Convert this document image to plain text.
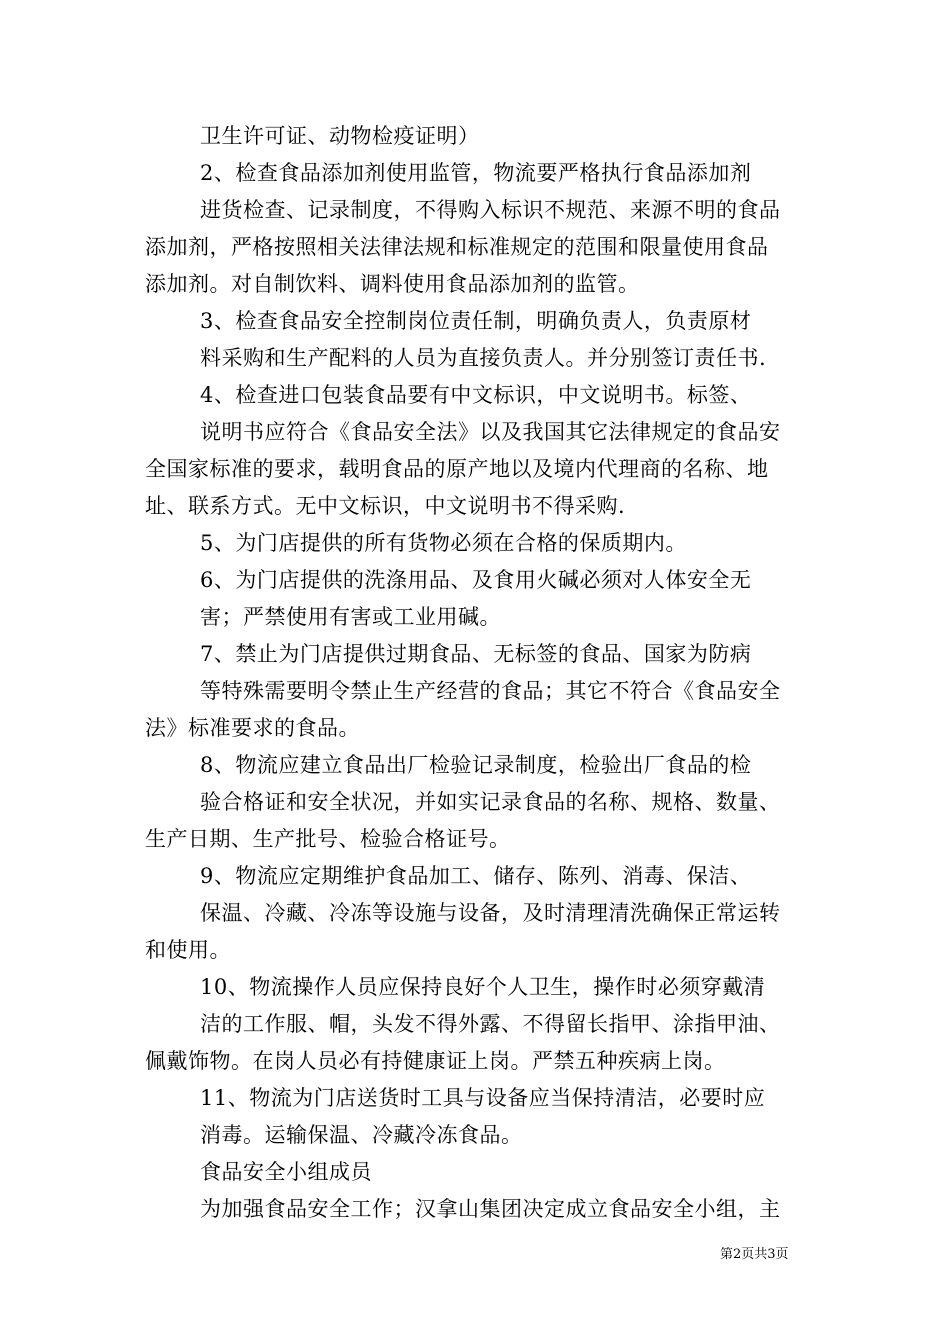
卫生许可证、动物检疫证明）
2、检查食品添加剂使用监管，物流要严格执行食品添加剂
进货检查、记录制度，不得购入标识不规范、来源不明的食品
添加剂，严格按照相关法律法规和标准规定的范围和限量使用食品
添加剂。对自制饮料、调料使用食品添加剂的监管。
3、检查食品安全控制岗位责任制，明确负责人，负责原材
料采购和生产配料的人员为直接负责人。并分别签订责任书.
4、检查进口包装食品要有中文标识，中文说明书。标签、
说明书应符合《食品安全法》以及我国其它法律规定的食品安
全国家标准的要求，载明食品的原产地以及境内代理商的名称、地
址、联系方式。无中文标识，中文说明书不得采购.
5、为门店提供的所有货物必须在合格的保质期内。
6、为门店提供的洗涤用品、及食用火碱必须对人体安全无
害；严禁使用有害或工业用碱。
7、禁止为门店提供过期食品、无标签的食品、国家为防病
等特殊需要明令禁止生产经营的食品；其它不符合《食品安全
法》标准要求的食品。
8、物流应建立食品出厂检验记录制度，检验出厂食品的检
验合格证和安全状况，并如实记录食品的名称、规格、数量、
生产日期、生产批号、检验合格证号。
9、物流应定期维护食品加工、储存、陈列、消毒、保洁、
保温、冷藏、冷冻等设施与设备，及时清理清洗确保正常运转
和使用。
10、物流操作人员应保持良好个人卫生，操作时必须穿戴清
洁的工作服、帽，头发不得外露、不得留长指甲、涂指甲油、
佩戴饰物。在岗人员必有持健康证上岗。严禁五种疾病上岗。
11、物流为门店送货时工具与设备应当保持清洁，必要时应
消毒。运输保温、冷藏冷冻食品。
食品安全小组成员
为加强食品安全工作；汉拿山集团决定成立食品安全小组，主
第2页共3页
